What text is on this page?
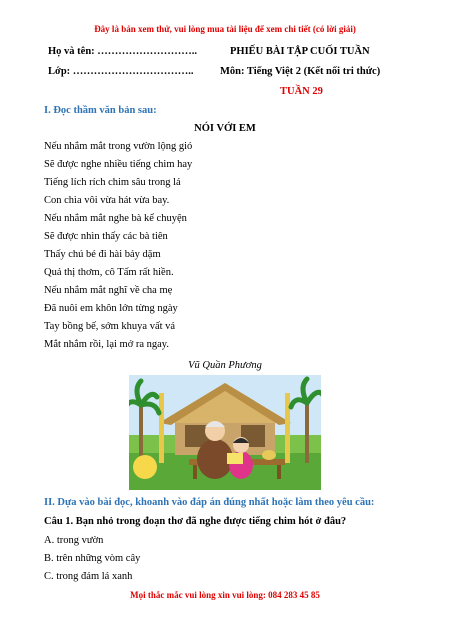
Đây là bản xem thử, vui lòng mua tài liệu để xem chi tiết (có lời giải)
Họ và tên: ………………………..	PHIẾU BÀI TẬP CUỐI TUẦN
Lớp: ……………………………..	Môn: Tiếng Việt 2 (Kết nối tri thức)
TUẦN 29
I. Đọc thầm văn bản sau:
NÓI VỚI EM
Nếu nhắm mắt trong vườn lộng gió
Sẽ được nghe nhiều tiếng chim hay
Tiếng lích rích chim sâu trong lá
Con chìa vôi vừa hát vừa bay.
Nếu nhắm mắt nghe bà kể chuyện
Sẽ được nhìn thấy các bà tiên
Thấy chú bé đi hài bảy dặm
Quả thị thơm, cô Tấm rất hiền.
Nếu nhắm mắt nghĩ về cha mẹ
Đã nuôi em khôn lớn từng ngày
Tay bồng bế, sớm khuya vất vả
Mắt nhắm rồi, lại mở ra ngay.
Vũ Quần Phương
II. Dựa vào bài đọc, khoanh vào đáp án đúng nhất hoặc làm theo yêu cầu:
Câu 1. Bạn nhỏ trong đoạn thơ đã nghe được tiếng chim hót ở đâu?
A. trong vườn
B. trên những vòm cây
C. trong đám lá xanh
Mọi thắc mắc vui lòng xin vui lòng: 084 283 45 85
